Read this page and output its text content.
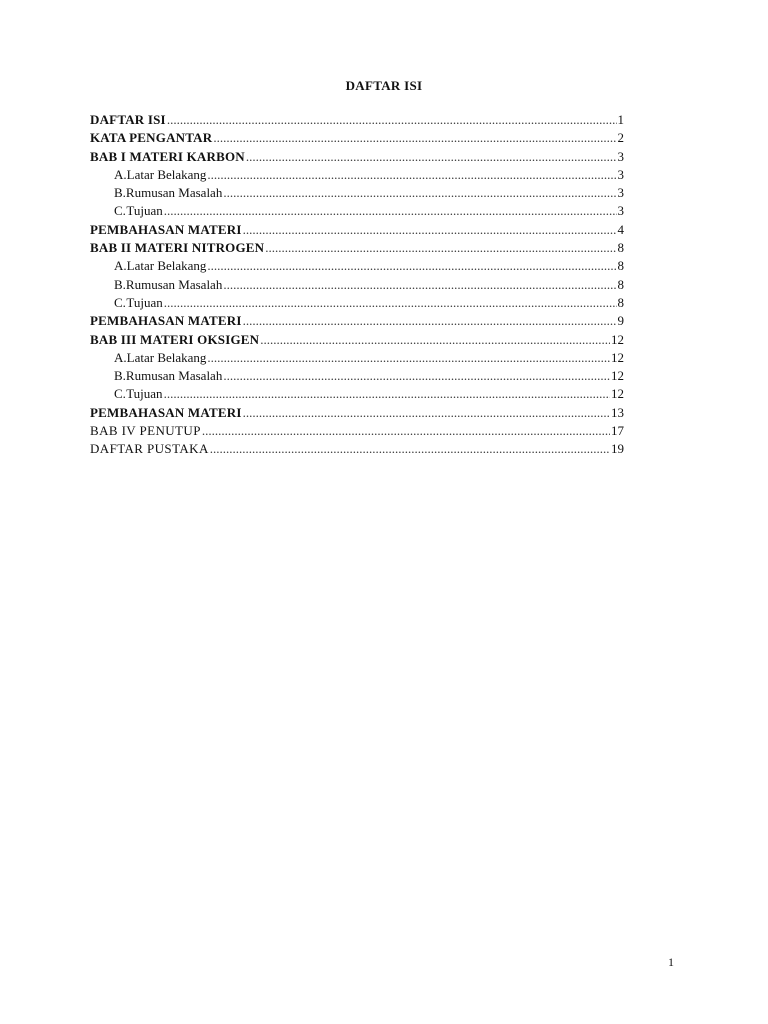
DAFTAR ISI
DAFTAR ISI .....	1
KATA PENGANTAR .....	2
BAB I MATERI KARBON .....	3
A. Latar Belakang .....	3
B. Rumusan Masalah .....	3
C. Tujuan .....	3
PEMBAHASAN MATERI .....	4
BAB II MATERI NITROGEN .....	8
A. Latar Belakang .....	8
B. Rumusan Masalah .....	8
C. Tujuan .....	8
PEMBAHASAN MATERI .....	9
BAB III MATERI OKSIGEN .....	12
A. Latar Belakang .....	12
B. Rumusan Masalah .....	12
C. Tujuan .....	12
PEMBAHASAN MATERI .....	13
BAB IV PENUTUP .....	17
DAFTAR PUSTAKA .....	19
1
